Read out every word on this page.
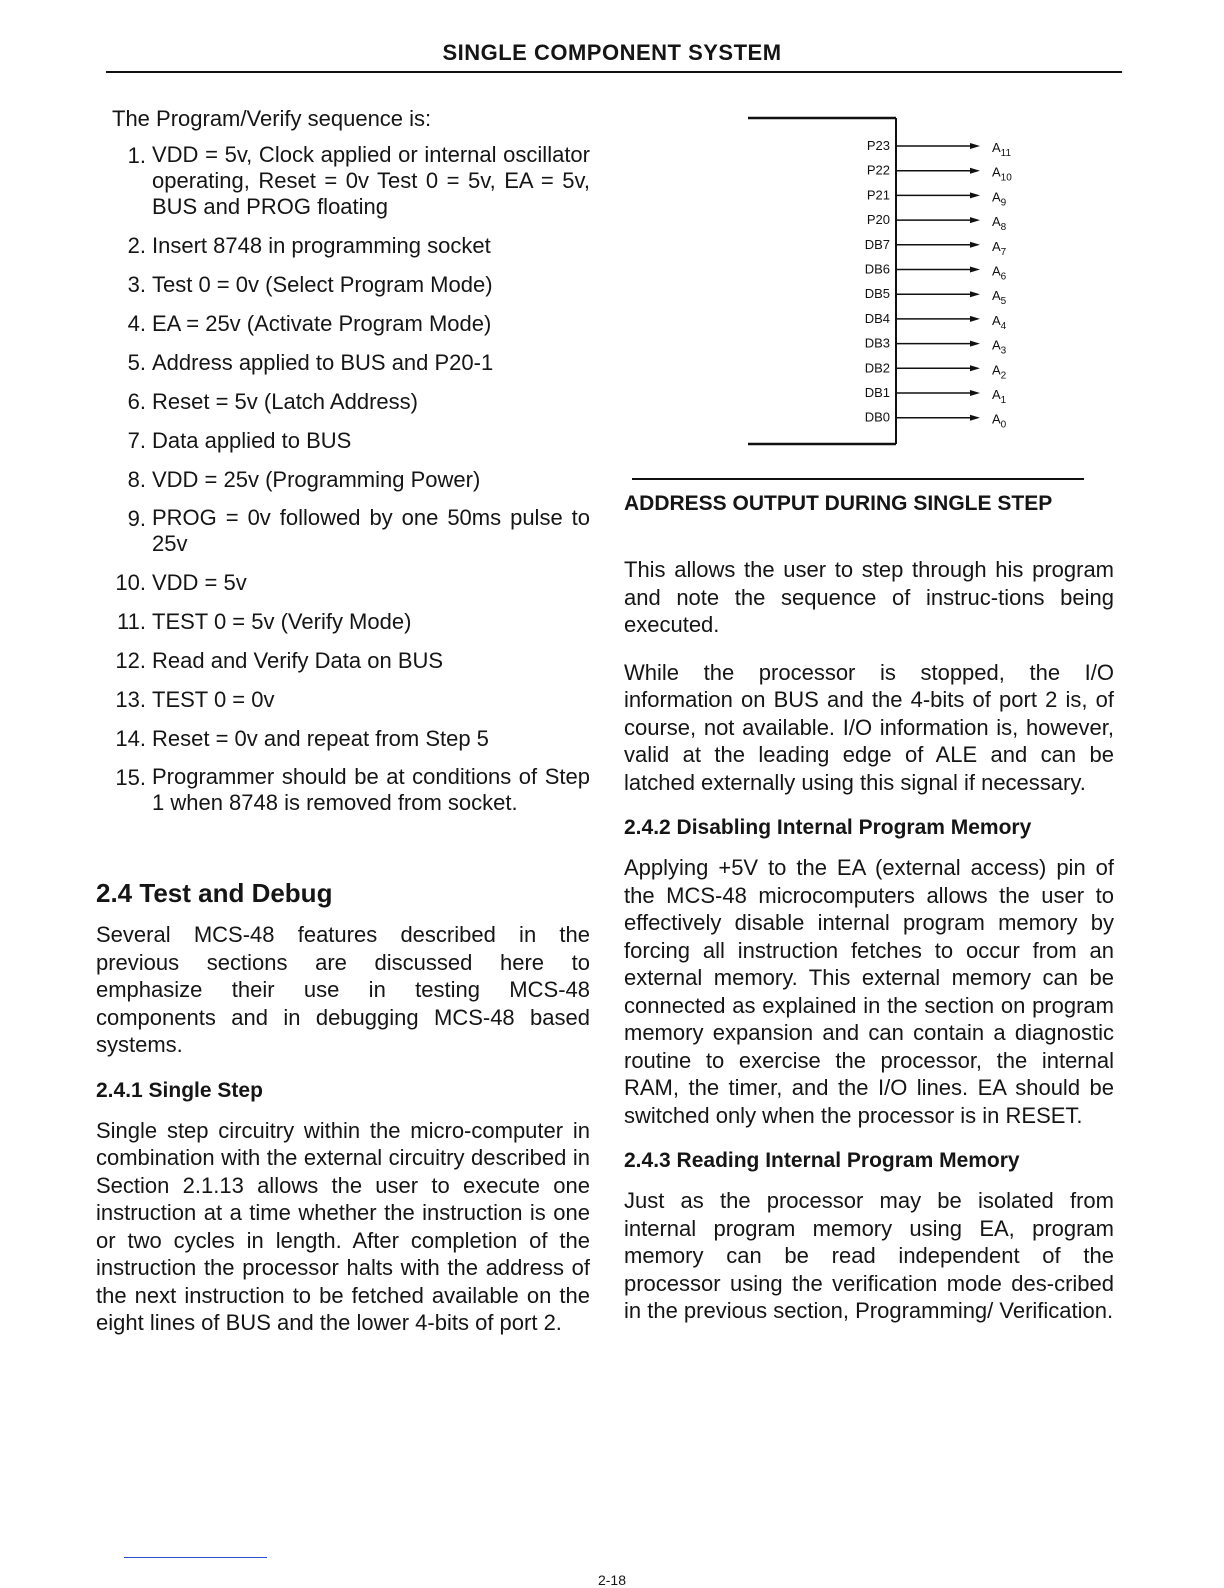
SINGLE COMPONENT SYSTEM
The Program/Verify sequence is:
1. VDD = 5v, Clock applied or internal oscillator operating, Reset = 0v Test 0 = 5v, EA = 5v, BUS and PROG floating
2. Insert 8748 in programming socket
3. Test 0 = 0v (Select Program Mode)
4. EA = 25v (Activate Program Mode)
5. Address applied to BUS and P20-1
6. Reset = 5v (Latch Address)
7. Data applied to BUS
8. VDD = 25v (Programming Power)
9. PROG = 0v followed by one 50ms pulse to 25v
10. VDD = 5v
11. TEST 0 = 5v (Verify Mode)
12. Read and Verify Data on BUS
13. TEST 0 = 0v
14. Reset = 0v and repeat from Step 5
15. Programmer should be at conditions of Step 1 when 8748 is removed from socket.
2.4 Test and Debug

Several MCS-48 features described in the previous sections are discussed here to emphasize their use in testing MCS-48 components and in debugging MCS-48 based systems.

2.4.1 Single Step

Single step circuitry within the micro-computer in combination with the external circuitry described in Section 2.1.13 allows the user to execute one instruction at a time whether the instruction is one or two cycles in length. After completion of the instruction the processor halts with the address of the next instruction to be fetched available on the eight lines of BUS and the lower 4-bits of port 2.

P23	$A_{11}$
P22	$A_{10}$
P21	$A_9$
P20	$A_8$
DB7	$A_7$
DB6	$A_6$
DB5	$A_5$
DB4	$A_4$
DB3	$A_3$
DB2	$A_2$
DB1	$A_1$
DB0	$A_0$
ADDRESS OUTPUT DURING SINGLE STEP

This allows the user to step through his program and note the sequence of instruc-tions being executed.

While the processor is stopped, the I/O information on BUS and the 4-bits of port 2 is, of course, not available. I/O information is, however, valid at the leading edge of ALE and can be latched externally using this signal if necessary.

2.4.2 Disabling Internal Program Memory

Applying +5V to the EA (external access) pin of the MCS-48 microcomputers allows the user to effectively disable internal program memory by forcing all instruction fetches to occur from an external memory. This external memory can be connected as explained in the section on program memory expansion and can contain a diagnostic routine to exercise the processor, the internal RAM, the timer, and the I/O lines. EA should be switched only when the processor is in RESET.

2.4.3 Reading Internal Program Memory

Just as the processor may be isolated from internal program memory using EA, program memory can be read independent of the processor using the verification mode des-cribed in the previous section, Programming/ Verification.

2-18
